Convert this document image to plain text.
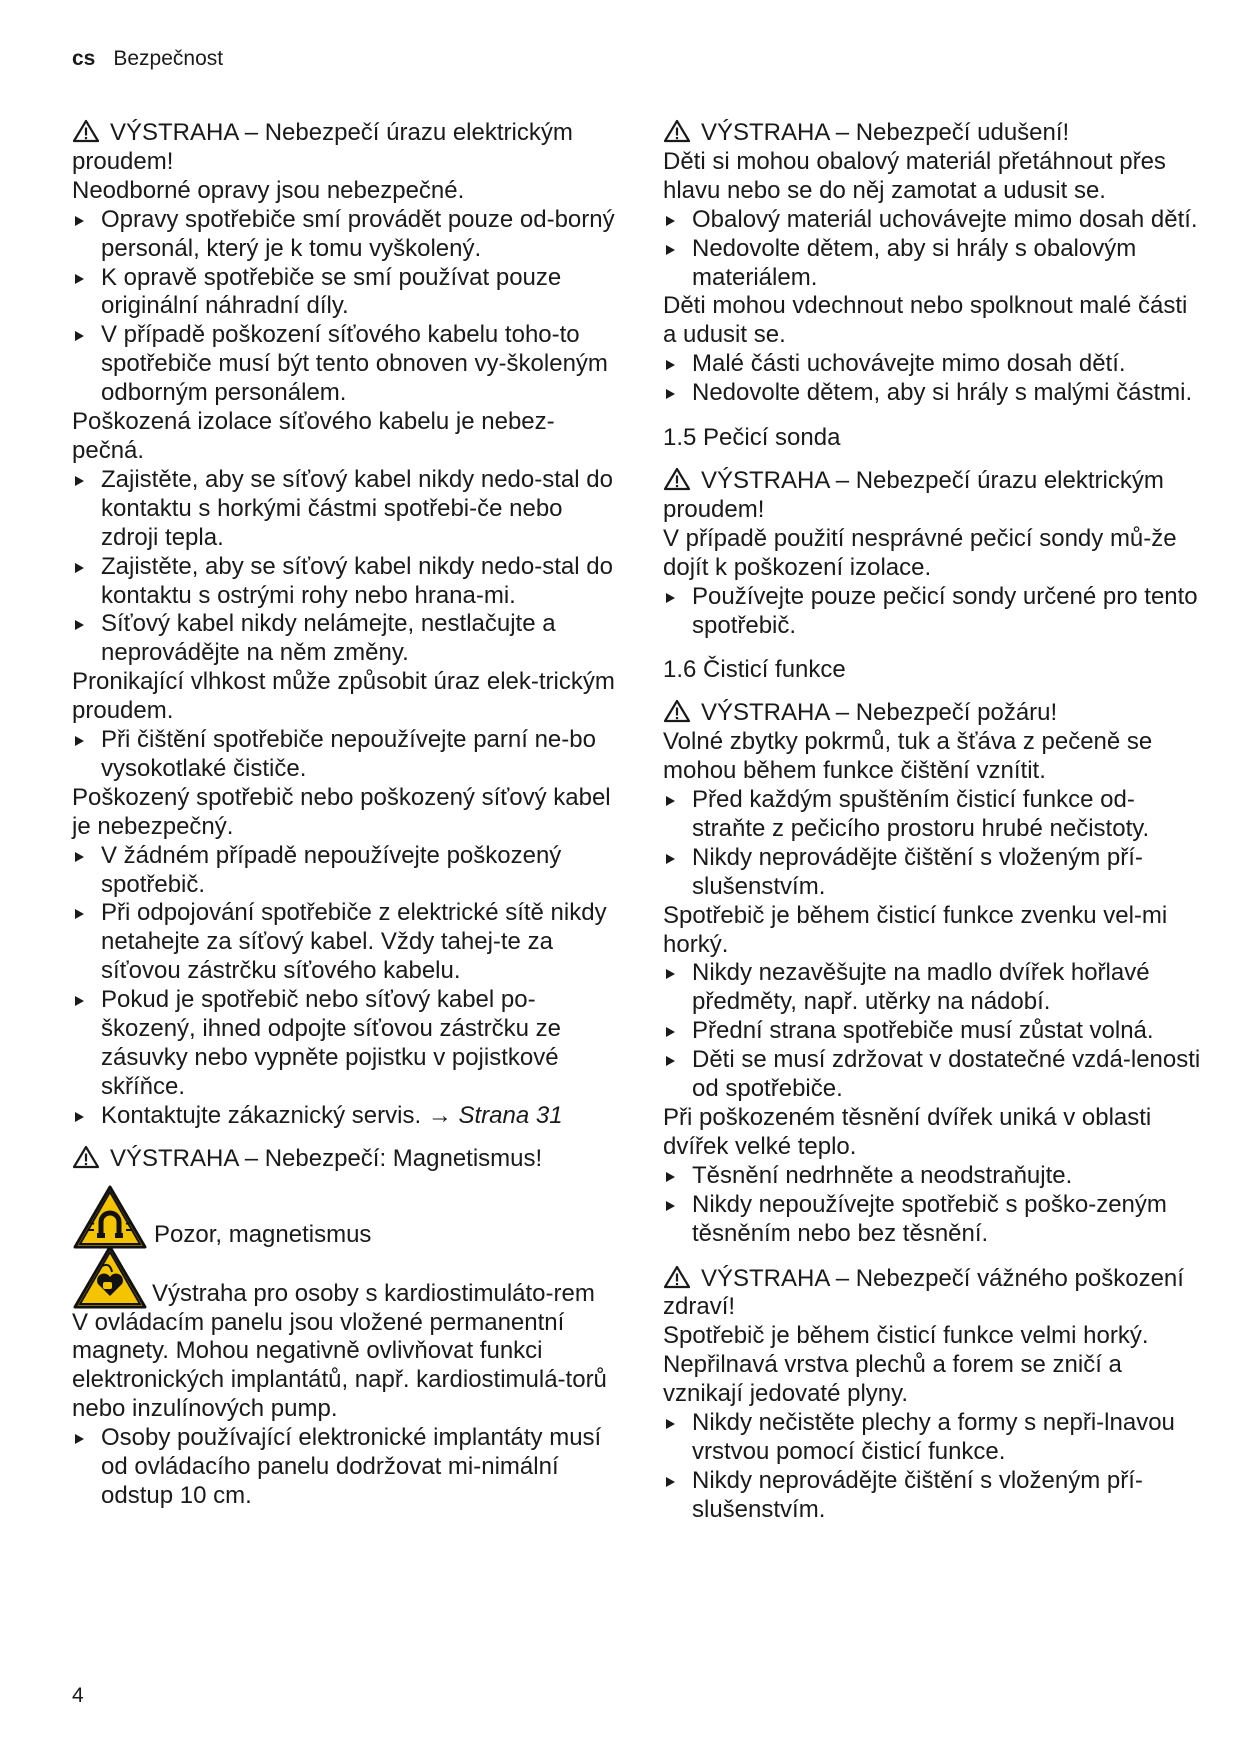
cs Bezpečnost
VÝSTRAHA – Nebezpečí úrazu elektrickým proudem!

Neodborné opravy jsou nebezpečné.

Opravy spotřebiče smí provádět pouze od-borný personál, který je k tomu vyškolený.
K opravě spotřebiče se smí používat pouze originální náhradní díly.
V případě poškození síťového kabelu toho-to spotřebiče musí být tento obnoven vy-školeným odborným personálem.

Poškozená izolace síťového kabelu je nebez-pečná.

Zajistěte, aby se síťový kabel nikdy nedo-stal do kontaktu s horkými částmi spotřebi-če nebo zdroji tepla.
Zajistěte, aby se síťový kabel nikdy nedo-stal do kontaktu s ostrými rohy nebo hrana-mi.
Síťový kabel nikdy nelámejte, nestlačujte a neprovádějte na něm změny.

Pronikající vlhkost může způsobit úraz elek-trickým proudem.

Při čištění spotřebiče nepoužívejte parní ne-bo vysokotlaké čističe.

Poškozený spotřebič nebo poškozený síťový kabel je nebezpečný.

V žádném případě nepoužívejte poškozený spotřebič.
Při odpojování spotřebiče z elektrické sítě nikdy netahejte za síťový kabel. Vždy tahej-te za síťovou zástrčku síťového kabelu.
Pokud je spotřebič nebo síťový kabel po-škozený, ihned odpojte síťovou zástrčku ze zásuvky nebo vypněte pojistku v pojistkové skříňce.
Kontaktujte zákaznický servis. → Strana 31
VÝSTRAHA – Nebezpečí: Magnetismus!
Pozor, magnetismus

Výstraha pro osoby s kardiostimuláto-rem

V ovládacím panelu jsou vložené permanentní magnety. Mohou negativně ovlivňovat funkci elektronických implantátů, např. kardiostimulá-torů nebo inzulínových pump.

Osoby používající elektronické implantáty musí od ovládacího panelu dodržovat mi-nimální odstup 10 cm.
VÝSTRAHA – Nebezpečí udušení!

Děti si mohou obalový materiál přetáhnout přes hlavu nebo se do něj zamotat a udusit se.

Obalový materiál uchovávejte mimo dosah dětí.
Nedovolte dětem, aby si hrály s obalovým materiálem.

Děti mohou vdechnout nebo spolknout malé části a udusit se.

Malé části uchovávejte mimo dosah dětí.
Nedovolte dětem, aby si hrály s malými částmi.
1.5 Pečicí sonda
VÝSTRAHA – Nebezpečí úrazu elektrickým proudem!

V případě použití nesprávné pečicí sondy mů-že dojít k poškození izolace.

Používejte pouze pečicí sondy určené pro tento spotřebič.
1.6 Čisticí funkce
VÝSTRAHA – Nebezpečí požáru!

Volné zbytky pokrmů, tuk a šťáva z pečeně se mohou během funkce čištění vznítit.

Před každým spuštěním čisticí funkce od-straňte z pečicího prostoru hrubé nečistoty.
Nikdy neprovádějte čištění s vloženým pří-slušenstvím.

Spotřebič je během čisticí funkce zvenku vel-mi horký.

Nikdy nezavěšujte na madlo dvířek hořlavé předměty, např. utěrky na nádobí.
Přední strana spotřebiče musí zůstat volná.
Děti se musí zdržovat v dostatečné vzdá-lenosti od spotřebiče.

Při poškozeném těsnění dvířek uniká v oblasti dvířek velké teplo.

Těsnění nedrhněte a neodstraňujte.
Nikdy nepoužívejte spotřebič s poško-zeným těsněním nebo bez těsnění.
VÝSTRAHA – Nebezpečí vážného poškození zdraví!

Spotřebič je během čisticí funkce velmi horký. Nepřilnavá vrstva plechů a forem se zničí a vznikají jedovaté plyny.

Nikdy nečistěte plechy a formy s nepři-lnavou vrstvou pomocí čisticí funkce.
Nikdy neprovádějte čištění s vloženým pří-slušenstvím.
4
